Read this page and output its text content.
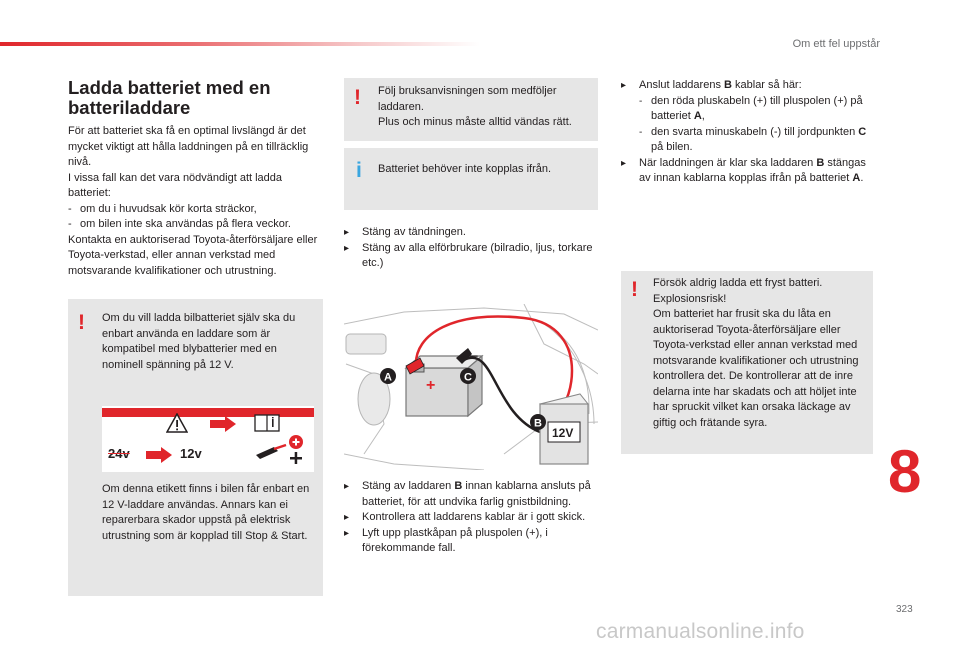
Om ett fel uppstår
Ladda batteriet med en batteriladdare
För att batteriet ska få en optimal livslängd är det mycket viktigt att hålla laddningen på en tillräcklig nivå.
I vissa fall kan det vara nödvändigt att ladda batteriet:
- om du i huvudsak kör korta sträckor,
- om bilen inte ska användas på flera veckor.
Kontakta en auktoriserad Toyota-återförsäljare eller Toyota-verkstad, eller annan verkstad med motsvarande kvalifikationer och utrustning.
! Om du vill ladda bilbatteriet själv ska du enbart använda en laddare som är kompatibel med blybatterier med en nominell spänning på 12 V.
24v	12v
Om denna etikett finns i bilen får enbart en 12 V-laddare användas. Annars kan ei reparerbara skador uppstå på elektrisk utrustning som är kopplad till Stop & Start.
! Följ bruksanvisningen som medföljer laddaren.
Plus och minus måste alltid vändas rätt.
i Batteriet behöver inte kopplas ifrån.
▸ Stäng av tändningen.
▸ Stäng av alla elförbrukare (bilradio, ljus, torkare etc.)
+
−
12V
A	C
B
▸ Stäng av laddaren B innan kablarna ansluts på batteriet, för att undvika farlig gnistbildning.
▸ Kontrollera att laddarens kablar är i gott skick.
▸ Lyft upp plastkåpan på pluspolen (+), i förekommande fall.
▸ Anslut laddarens B kablar så här:
- den röda pluskabeln (+) till pluspolen (+) på batteriet A,
- den svarta minuskabeln (-) till jordpunkten C på bilen.
▸ När laddningen är klar ska laddaren B stängas av innan kablarna kopplas ifrån på batteriet A.
! Försök aldrig ladda ett fryst batteri.
Explosionsrisk!
Om batteriet har frusit ska du låta en auktoriserad Toyota-återförsäljare eller Toyota-verkstad eller annan verkstad med motsvarande kvalifikationer och utrustning kontrollera det. De kontrollerar att de inre delarna inte har skadats och att höljet inte har spruckit vilket kan orsaka läckage av giftig och frätande syra.
8
323
carmanualsonline.info
